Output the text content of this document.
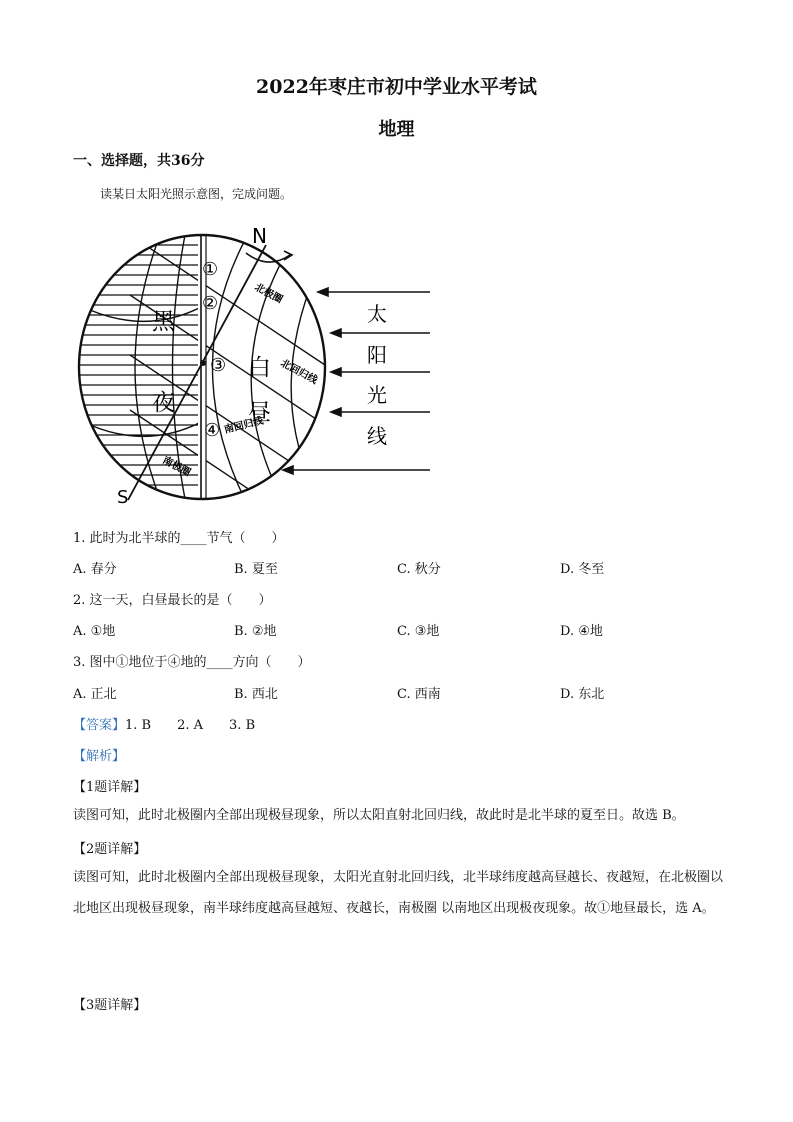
2022年枣庄市初中学业水平考试
地理
一、选择题，共36分
读某日太阳光照示意图，完成问题。
N
S
黑
夜
白
昼
①
②
③
④
北极圈
北回归线
南回归线
南极圈
太
阳
光
线
1. 此时为北半球的____节气（　　）
A. 春分	B. 夏至	C. 秋分	D. 冬至
2. 这一天，白昼最长的是（　　）
A. ①地	B. ②地	C. ③地	D. ④地
3. 图中①地位于④地的____方向（　　）
A. 正北	B. 西北	C. 西南	D. 东北
【答案】1. B　　2. A　　3. B
【解析】
【1题详解】
读图可知，此时北极圈内全部出现极昼现象，所以太阳直射北回归线，故此时是北半球的夏至日。故选 B。
【2题详解】
读图可知，此时北极圈内全部出现极昼现象，太阳光直射北回归线，北半球纬度越高昼越长、夜越短，在北极圈以北地区出现极昼现象，南半球纬度越高昼越短、夜越长，南极圈 以南地区出现极夜现象。故①地昼最长，选 A。
【3题详解】
